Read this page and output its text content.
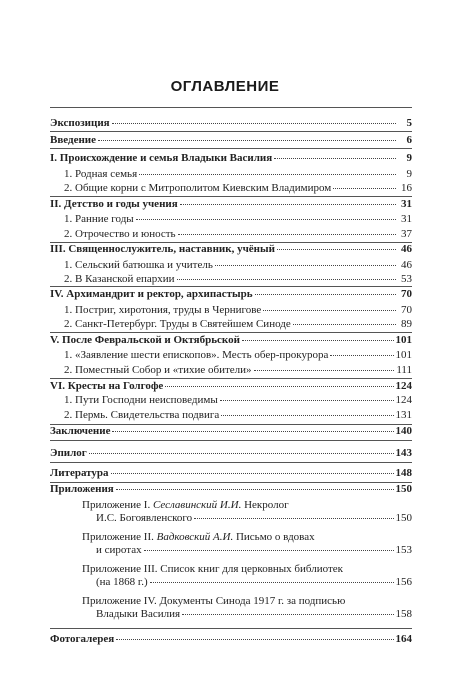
ОГЛАВЛЕНИЕ
Экспозиция	5
Введение	6
I. Происхождение и семья Владыки Василия	9
1. Родная семья	9
2. Общие корни с Митрополитом Киевским Владимиром	16
II. Детство и годы учения	31
1. Ранние годы	31
2. Отрочество и юность	37
III. Священнослужитель, наставник, учёный	46
1. Сельский батюшка и учитель	46
2. В Казанской епархии	53
IV. Архимандрит и ректор, архипастырь	70
1. Постриг, хиротония, труды в Чернигове	70
2. Санкт-Петербург. Труды в Святейшем Синоде	89
V. После Февральской и Октябрьской	101
1. «Заявление шести епископов». Месть обер-прокурора	101
2. Поместный Собор и «тихие обители»	111
VI. Кресты на Голгофе	124
1. Пути Господни неисповедимы	124
2. Пермь. Свидетельства подвига	131
Заключение	140
Эпилог	143
Литература	148
Приложения	150
Приложение I. Сеславинский И.И. Некролог
И.С. Богоявленского	150
Приложение II. Вадковский А.И. Письмо о вдовах
и сиротах	153
Приложение III. Список книг для церковных библиотек
(на 1868 г.)	156
Приложение IV. Документы Синода 1917 г. за подписью
Владыки Василия	158
Фотогалерея	164
